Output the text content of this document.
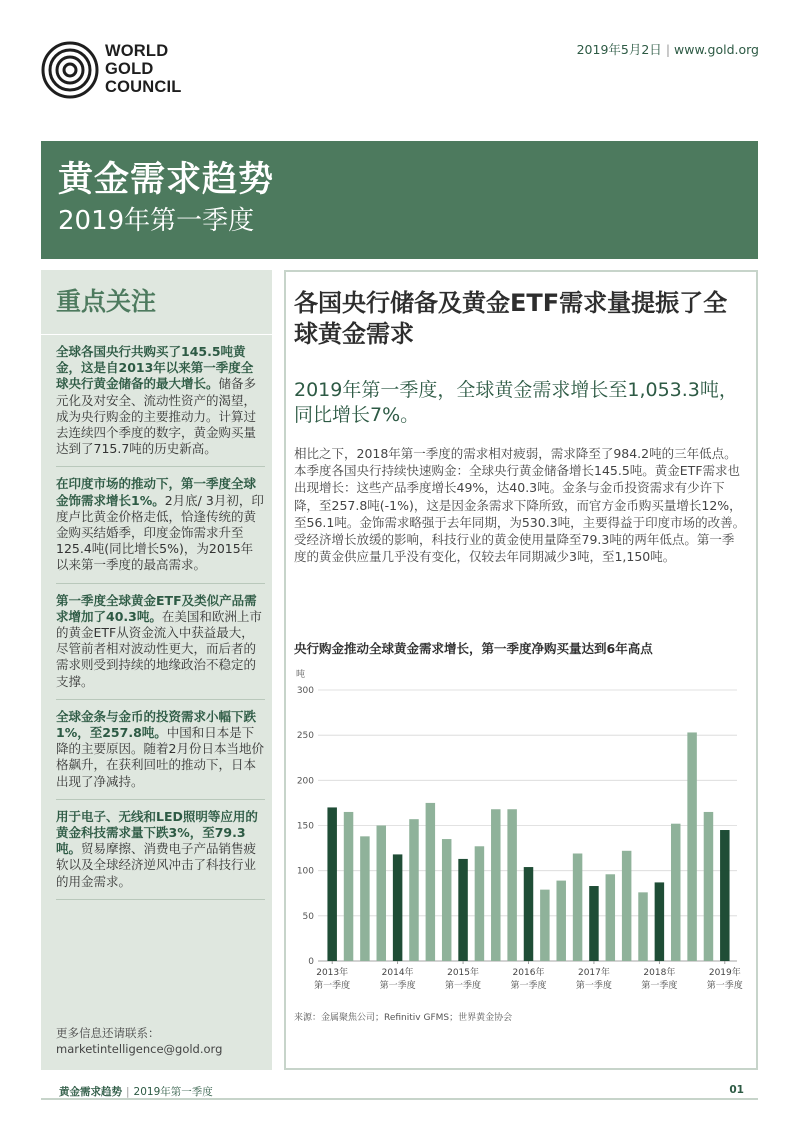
WORLD
GOLD
COUNCIL
2019年5月2日 | www.gold.org
黄金需求趋势
2019年第一季度
重点关注
全球各国央行共购买了145.5吨黄金，这是自2013年以来第一季度全球央行黄金储备的最大增长。储备多元化及对安全、流动性资产的渴望，成为央行购金的主要推动力。计算过去连续四个季度的数字，黄金购买量达到了715.7吨的历史新高。
在印度市场的推动下，第一季度全球金饰需求增长1%。2月底/ 3月初，印度卢比黄金价格走低，恰逢传统的黄金购买结婚季，印度金饰需求升至125.4吨(同比增长5%)，为2015年以来第一季度的最高需求。
第一季度全球黄金ETF及类似产品需求增加了40.3吨。在美国和欧洲上市的黄金ETF从资金流入中获益最大，尽管前者相对波动性更大，而后者的需求则受到持续的地缘政治不稳定的支撑。
全球金条与金币的投资需求小幅下跌1%，至257.8吨。中国和日本是下降的主要原因。随着2月份日本当地价格飙升，在获利回吐的推动下，日本出现了净减持。
用于电子、无线和LED照明等应用的黄金科技需求量下跌3%，至79.3吨。贸易摩擦、消费电子产品销售疲软以及全球经济逆风冲击了科技行业的用金需求。
更多信息还请联系：
marketintelligence@gold.org
各国央行储备及黄金ETF需求量提振了全球黄金需求
2019年第一季度，全球黄金需求增长至1,053.3吨，同比增长7%。
相比之下，2018年第一季度的需求相对疲弱，需求降至了984.2吨的三年低点。本季度各国央行持续快速购金：全球央行黄金储备增长145.5吨。黄金ETF需求也出现增长：这些产品季度增长49%，达40.3吨。金条与金币投资需求有少许下降，至257.8吨(-1%)，这是因金条需求下降所致，而官方金币购买量增长12%，至56.1吨。金饰需求略强于去年同期，为530.3吨，主要得益于印度市场的改善。受经济增长放缓的影响，科技行业的黄金使用量降至79.3吨的两年低点。第一季度的黄金供应量几乎没有变化，仅较去年同期减少3吨，至1,150吨。
央行购金推动全球黄金需求增长，第一季度净购买量达到6年高点
吨
0
50
100
150
200
250
300
2013年
第一季度
2014年
第一季度
2015年
第一季度
2016年
第一季度
2017年
第一季度
2018年
第一季度
2019年
第一季度
来源：金属聚焦公司；Refinitiv GFMS；世界黄金协会
黄金需求趋势 | 2019年第一季度	01
